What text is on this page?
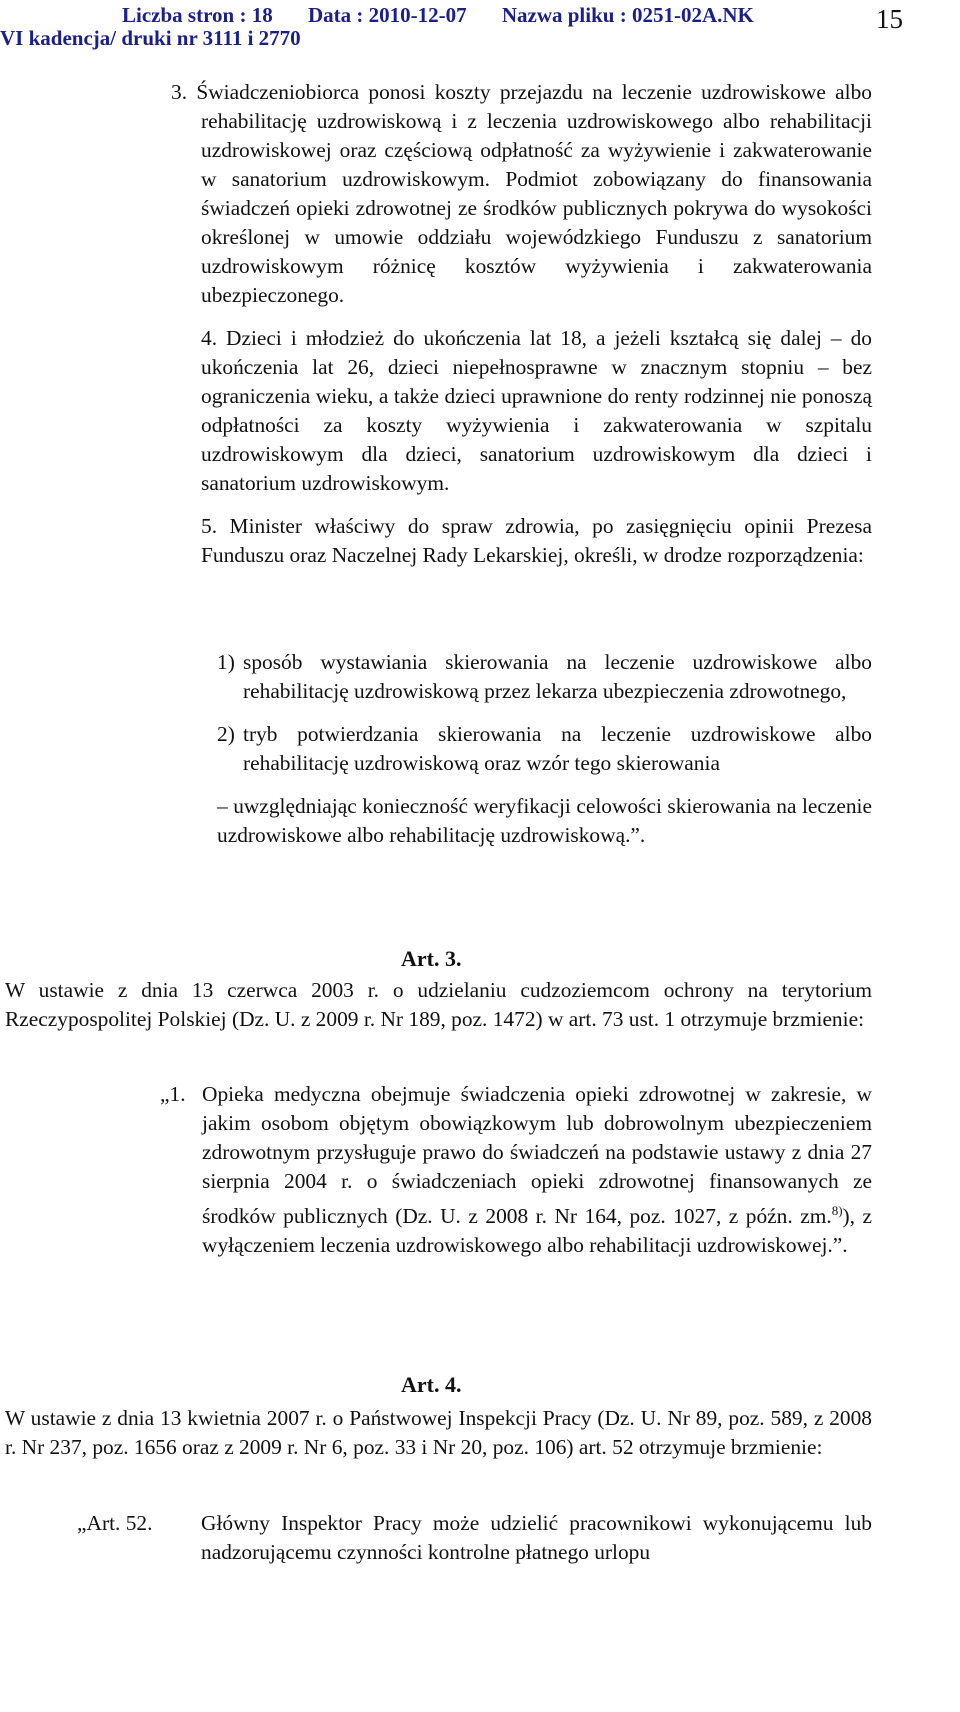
Liczba stron : 18 Data : 2010-12-07 Nazwa pliku : 0251-02A.NK
VI kadencja/ druki nr 3111 i 2770
15

3. Świadczeniobiorca ponosi koszty przejazdu na leczenie uzdrowiskowe albo rehabilitację uzdrowiskową i z leczenia uzdrowiskowego albo rehabilitacji uzdrowiskowej oraz częściową odpłatność za wyżywienie i zakwaterowanie w sanatorium uzdrowiskowym. Podmiot zobowiązany do finansowania świadczeń opieki zdrowotnej ze środków publicznych pokrywa do wysokości określonej w umowie oddziału wojewódzkiego Funduszu z sanatorium uzdrowiskowym różnicę kosztów wyżywienia i zakwaterowania ubezpieczonego.

4. Dzieci i młodzież do ukończenia lat 18, a jeżeli kształcą się dalej – do ukończenia lat 26, dzieci niepełnosprawne w znacznym stopniu – bez ograniczenia wieku, a także dzieci uprawnione do renty rodzinnej nie ponoszą odpłatności za koszty wyżywienia i zakwaterowania w szpitalu uzdrowiskowym dla dzieci, sanatorium uzdrowiskowym dla dzieci i sanatorium uzdrowiskowym.

5. Minister właściwy do spraw zdrowia, po zasięgnięciu opinii Prezesa Funduszu oraz Naczelnej Rady Lekarskiej, określi, w drodze rozporządzenia:

1) sposób wystawiania skierowania na leczenie uzdrowiskowe albo rehabilitację uzdrowiskową przez lekarza ubezpieczenia zdrowotnego,
2) tryb potwierdzania skierowania na leczenie uzdrowiskowe albo rehabilitację uzdrowiskową oraz wzór tego skierowania

– uwzględniając konieczność weryfikacji celowości skierowania na leczenie uzdrowiskowe albo rehabilitację uzdrowiskową.”.

Art. 3.
W ustawie z dnia 13 czerwca 2003 r. o udzielaniu cudzoziemcom ochrony na terytorium Rzeczypospolitej Polskiej (Dz. U. z 2009 r. Nr 189, poz. 1472) w art. 73 ust. 1 otrzymuje brzmienie:
„1. Opieka medyczna obejmuje świadczenia opieki zdrowotnej w zakresie, w jakim osobom objętym obowiązkowym lub dobrowolnym ubezpieczeniem zdrowotnym przysługuje prawo do świadczeń na podstawie ustawy z dnia 27 sierpnia 2004 r. o świadczeniach opieki zdrowotnej finansowanych ze środków publicznych (Dz. U. z 2008 r. Nr 164, poz. 1027, z późn. zm.$^{8)}$), z wyłączeniem leczenia uzdrowiskowego albo rehabilitacji uzdrowiskowej.”.
Art. 4.
W ustawie z dnia 13 kwietnia 2007 r. o Państwowej Inspekcji Pracy (Dz. U. Nr 89, poz. 589, z 2008 r. Nr 237, poz. 1656 oraz z 2009 r. Nr 6, poz. 33 i Nr 20, poz. 106) art. 52 otrzymuje brzmienie:
„Art. 52.	Główny Inspektor Pracy może udzielić pracownikowi wykonującemu lub nadzorującemu czynności kontrolne płatnego urlopu
